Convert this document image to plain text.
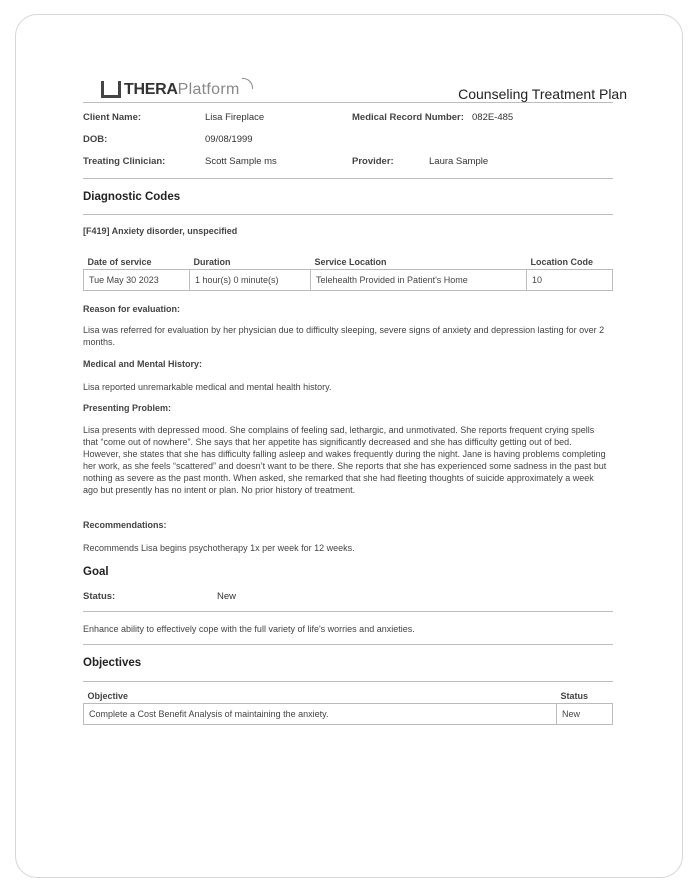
THERA Platform	Counseling Treatment Plan
Client Name:	Lisa Fireplace	Medical Record Number: 082E-485
DOB:	09/08/1999
Treating Clinician:	Scott Sample ms	Provider:	Laura Sample
Diagnostic Codes
[F419] Anxiety disorder, unspecified
Date of service	Duration	Service Location	Location Code
Tue May 30 2023	1 hour(s) 0 minute(s)	Telehealth Provided in Patient's Home	10
Reason for evaluation:
Lisa was referred for evaluation by her physician due to difficulty sleeping, severe signs of anxiety and depression lasting for over 2 months.
Medical and Mental History:
Lisa reported unremarkable medical and mental health history.
Presenting Problem:
Lisa presents with depressed mood. She complains of feeling sad, lethargic, and unmotivated. She reports frequent crying spells that “come out of nowhere”. She says that her appetite has significantly decreased and she has difficulty getting out of bed. However, she states that she has difficulty falling asleep and wakes frequently during the night. Jane is having problems completing her work, as she feels “scattered” and doesn’t want to be there. She reports that she has experienced some sadness in the past but nothing as severe as the past month. When asked, she remarked that she had fleeting thoughts of suicide approximately a week ago but presently has no intent or plan. No prior history of treatment.
Recommendations:
Recommends Lisa begins psychotherapy 1x per week for 12 weeks.
Goal
Status:	New
Enhance ability to effectively cope with the full variety of life's worries and anxieties.
Objectives
Objective	Status
Complete a Cost Benefit Analysis of maintaining the anxiety.	New
